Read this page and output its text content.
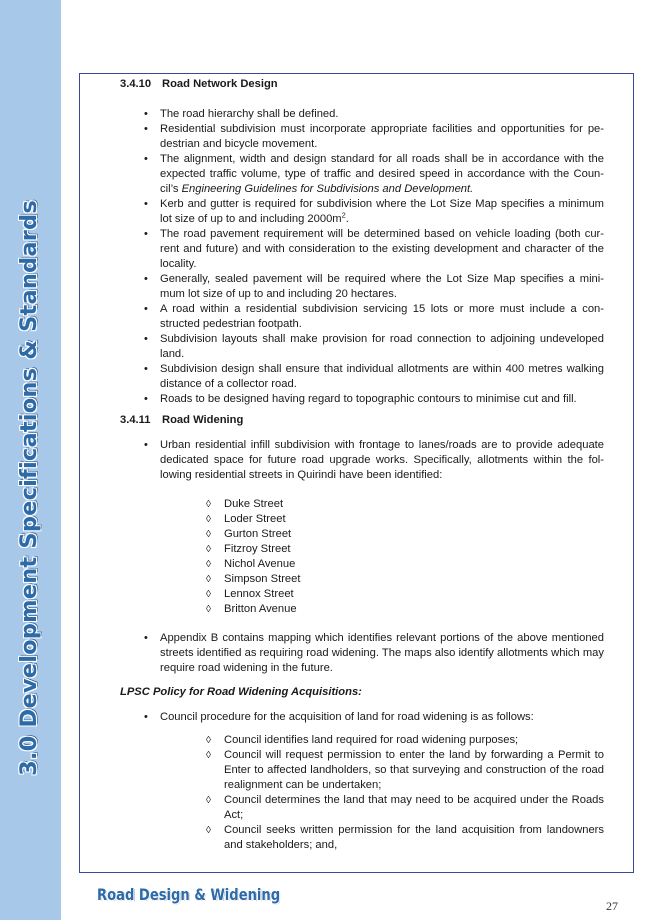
3.0 Development Specifications & Standards
3.4.10 Road Network Design
• The road hierarchy shall be defined.
• Residential subdivision must incorporate appropriate facilities and opportunities for pe-destrian and bicycle movement.
• The alignment, width and design standard for all roads shall be in accordance with the expected traffic volume, type of traffic and desired speed in accordance with the Coun-cil’s Engineering Guidelines for Subdivisions and Development.
• Kerb and gutter is required for subdivision where the Lot Size Map specifies a minimum lot size of up to and including $2000m^2$.
• The road pavement requirement will be determined based on vehicle loading (both cur-rent and future) and with consideration to the existing development and character of the locality.
• Generally, sealed pavement will be required where the Lot Size Map specifies a mini-mum lot size of up to and including 20 hectares.
• A road within a residential subdivision servicing 15 lots or more must include a con-structed pedestrian footpath.
• Subdivision layouts shall make provision for road connection to adjoining undeveloped land.
• Subdivision design shall ensure that individual allotments are within 400 metres walking distance of a collector road.
• Roads to be designed having regard to topographic contours to minimise cut and fill.
3.4.11	Road Widening
• Urban residential infill subdivision with frontage to lanes/roads are to provide adequate dedicated space for future road upgrade works. Specifically, allotments within the fol-lowing residential streets in Quirindi have been identified:
◊ Duke Street
◊ Loder Street
◊ Gurton Street
◊ Fitzroy Street
◊ Nichol Avenue
◊ Simpson Street
◊ Lennox Street
◊ Britton Avenue
• Appendix B contains mapping which identifies relevant portions of the above mentioned streets identified as requiring road widening. The maps also identify allotments which may require road widening in the future.
LPSC Policy for Road Widening Acquisitions:
• Council procedure for the acquisition of land for road widening is as follows:
◊ Council identifies land required for road widening purposes;
◊ Council will request permission to enter the land by forwarding a Permit to Enter to affected landholders, so that surveying and construction of the road realignment can be undertaken;
◊ Council determines the land that may need to be acquired under the Roads Act;
◊ Council seeks written permission for the land acquisition from landowners and stakeholders; and,
Road Design & Widening
27
